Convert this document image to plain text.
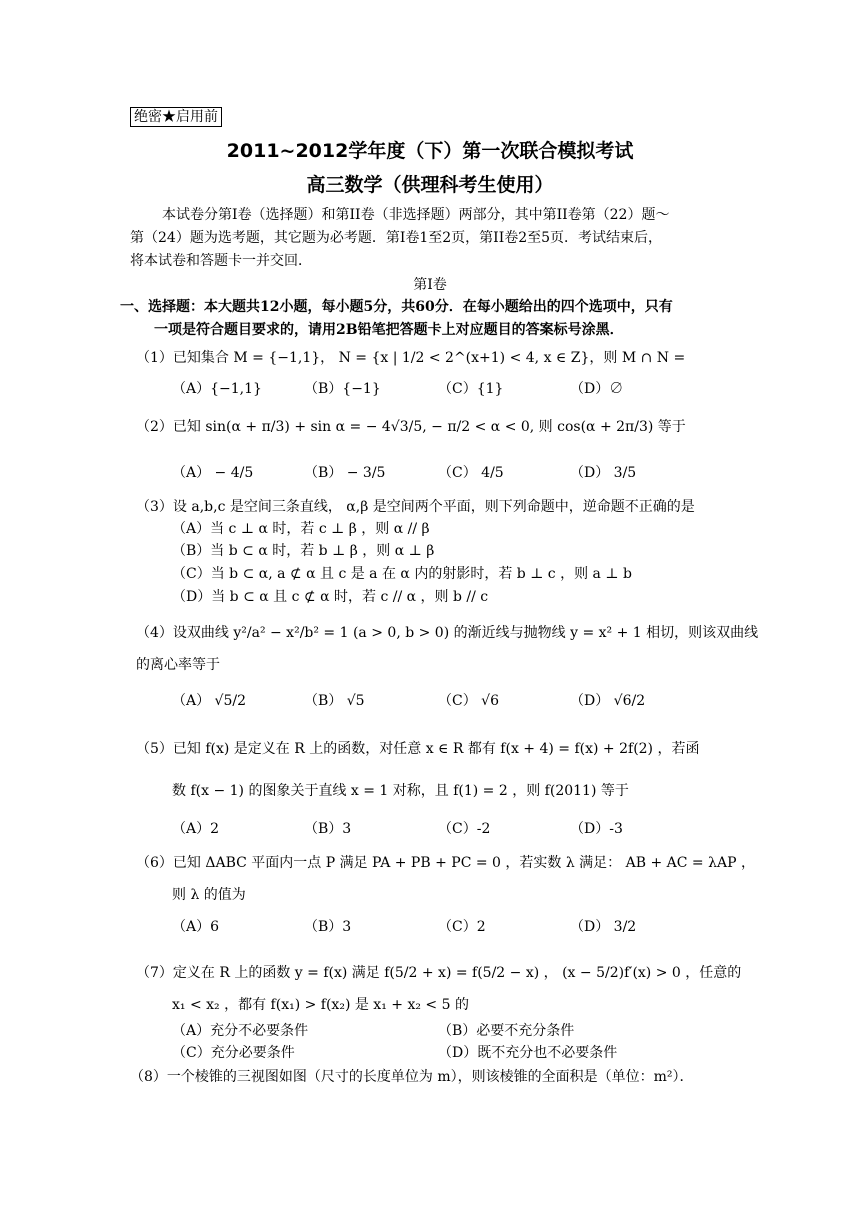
绝密★启用前
2011~2012学年度（下）第一次联合模拟考试
高三数学（供理科考生使用）
本试卷分第I卷（选择题）和第II卷（非选择题）两部分，其中第II卷第（22）题～
第（24）题为选考题，其它题为必考题．第I卷1至2页，第II卷2至5页．考试结束后，
将本试卷和答题卡一并交回．
第Ⅰ卷
一、选择题：本大题共12小题，每小题5分，共60分．在每小题给出的四个选项中，只有
一项是符合题目要求的，请用2B铅笔把答题卡上对应题目的答案标号涂黑．
（1）已知集合 M = {−1,1}， N = {x | 1/2 < 2^(x+1) < 4, x ∈ Z}，则 M ∩ N =
（A）{−1,1}	（B）{−1}	（C）{1}	（D）∅
（2）已知 sin(α + π/3) + sin α = − 4√3/5, − π/2 < α < 0, 则 cos(α + 2π/3) 等于
（A） − 4/5	（B） − 3/5	（C） 4/5	（D） 3/5
（3）设 a,b,c 是空间三条直线， α,β 是空间两个平面，则下列命题中，逆命题不正确的是
（A）当 c ⊥ α 时，若 c ⊥ β ，则 α // β
（B）当 b ⊂ α 时，若 b ⊥ β ，则 α ⊥ β
（C）当 b ⊂ α, a ⊄ α 且 c 是 a 在 α 内的射影时，若 b ⊥ c ，则 a ⊥ b
（D）当 b ⊂ α 且 c ⊄ α 时，若 c // α ，则 b // c
（4）设双曲线 y²/a² − x²/b² = 1 (a > 0, b > 0) 的渐近线与抛物线 y = x² + 1 相切，则该双曲线
的离心率等于
（A） √5/2	（B） √5	（C） √6	（D） √6/2
（5）已知 f(x) 是定义在 R 上的函数，对任意 x ∈ R 都有 f(x + 4) = f(x) + 2f(2) ，若函
数 f(x − 1) 的图象关于直线 x = 1 对称，且 f(1) = 2 ，则 f(2011) 等于
（A）2	（B）3	（C）-2	（D）-3
（6）已知 ΔABC 平面内一点 P 满足 PA + PB + PC = 0 ，若实数 λ 满足： AB + AC = λAP ，
则 λ 的值为
（A）6	（B）3	（C）2	（D） 3/2
（7）定义在 R 上的函数 y = f(x) 满足 f(5/2 + x) = f(5/2 − x) ， (x − 5/2)f′(x) > 0 ，任意的
x₁ < x₂ ，都有 f(x₁) > f(x₂) 是 x₁ + x₂ < 5 的
（A）充分不必要条件	（B）必要不充分条件
（C）充分必要条件	（D）既不充分也不必要条件
（8）一个棱锥的三视图如图（尺寸的长度单位为 m），则该棱锥的全面积是（单位：m²）．
